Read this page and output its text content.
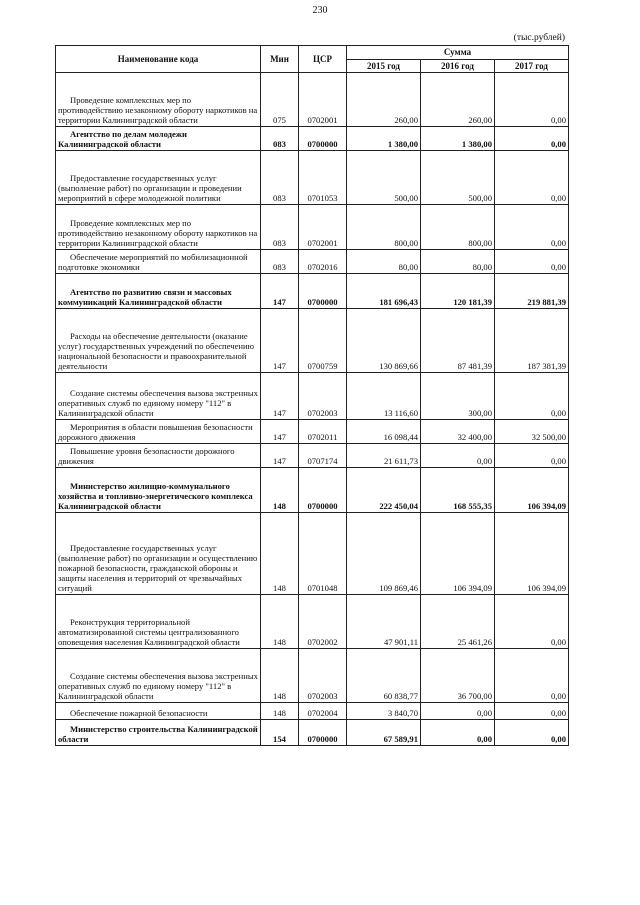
230
(тыс.рублей)
Наименование кода	Мин	ЦСР	Сумма		
			2015 год	2016 год	2017 год
Проведение комплексных мер по противодействию незаконному обороту наркотиков на территории Калининградской области	075	0702001	260,00	260,00	0,00
Агентство по делам молодежи Калининградской области	083	0700000	1 380,00	1 380,00	0,00
Предоставление государственных услуг (выполнение работ) по организации и проведении мероприятий в сфере молодежной политики	083	0701053	500,00	500,00	0,00
Проведение комплексных мер по противодействию незаконному обороту наркотиков на территории Калининградской области	083	0702001	800,00	800,00	0,00
Обеспечение мероприятий по мобилизационной подготовке экономики	083	0702016	80,00	80,00	0,00
Агентство по развитию связи и массовых коммуникаций Калининградской области	147	0700000	181 696,43	120 181,39	219 881,39
Расходы на обеспечение деятельности (оказание услуг) государственных учреждений по обеспечению национальной безопасности и правоохранительной деятельности	147	0700759	130 869,66	87 481,39	187 381,39
Создание системы обеспечения вызова экстренных оперативных служб по единому номеру "112" в Калининградской области	147	0702003	13 116,60	300,00	0,00
Мероприятия в области повышения безопасности дорожного движения	147	0702011	16 098,44	32 400,00	32 500,00
Повышение уровня безопасности дорожного движения	147	0707174	21 611,73	0,00	0,00
Министерство жилищно-коммунального хозяйства и топливно-энергетического комплекса Калининградской области	148	0700000	222 450,04	168 555,35	106 394,09
Предоставление государственных услуг (выполнение работ) по организации и осуществлению пожарной безопасности, гражданской обороны и защиты населения и территорий от чрезвычайных ситуаций	148	0701048	109 869,46	106 394,09	106 394,09
Реконструкция территориальной автоматизированной системы централизованного оповещения населения Калининградской области	148	0702002	47 901,11	25 461,26	0,00
Создание системы обеспечения вызова экстренных оперативных служб по единому номеру "112" в Калининградской области	148	0702003	60 838,77	36 700,00	0,00
Обеспечение пожарной безопасности	148	0702004	3 840,70	0,00	0,00
Министерство строительства Калининградской области	154	0700000	67 589,91	0,00	0,00
